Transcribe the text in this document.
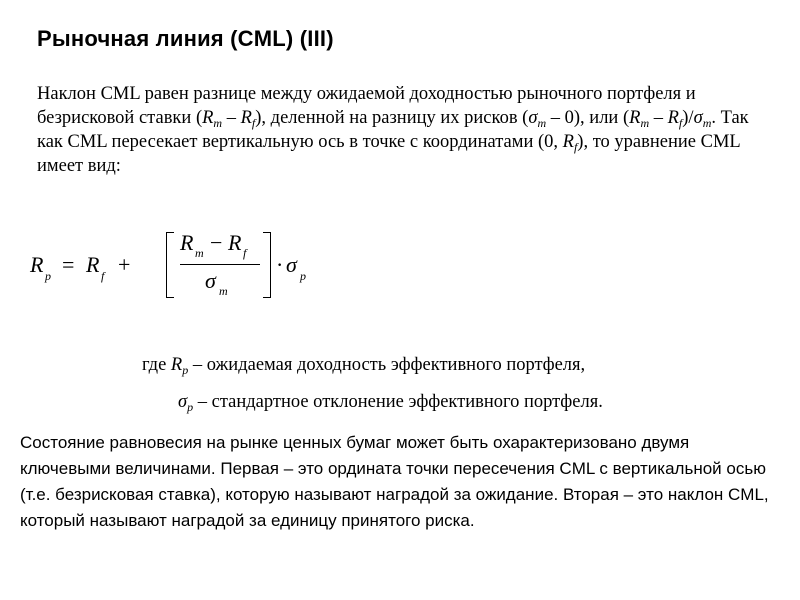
Рыночная линия (CML) (III)
Наклон CML равен разнице между ожидаемой доходностью рыночного портфеля и безрисковой ставки $(R_m - R_f)$, деленной на разницу их рисков $(\sigma_m - 0)$, или $(R_m - R_f)/\sigma_m$. Так как CML пересекает вертикальную ось в точке с координатами (0, $R_f$), то уравнение CML имеет вид:
R p = R f +
R m − R f
σ m
· σ p
где $R_p$ – ожидаемая доходность эффективного портфеля,
$\sigma_p$ – стандартное отклонение эффективного портфеля.
Состояние равновесия на рынке ценных бумаг может быть охарактеризовано двумя ключевыми величинами. Первая – это ордината точки пересечения CML с вертикальной осью (т.е. безрисковая ставка), которую называют наградой за ожидание. Вторая – это наклон CML, который называют наградой за единицу принятого риска.
